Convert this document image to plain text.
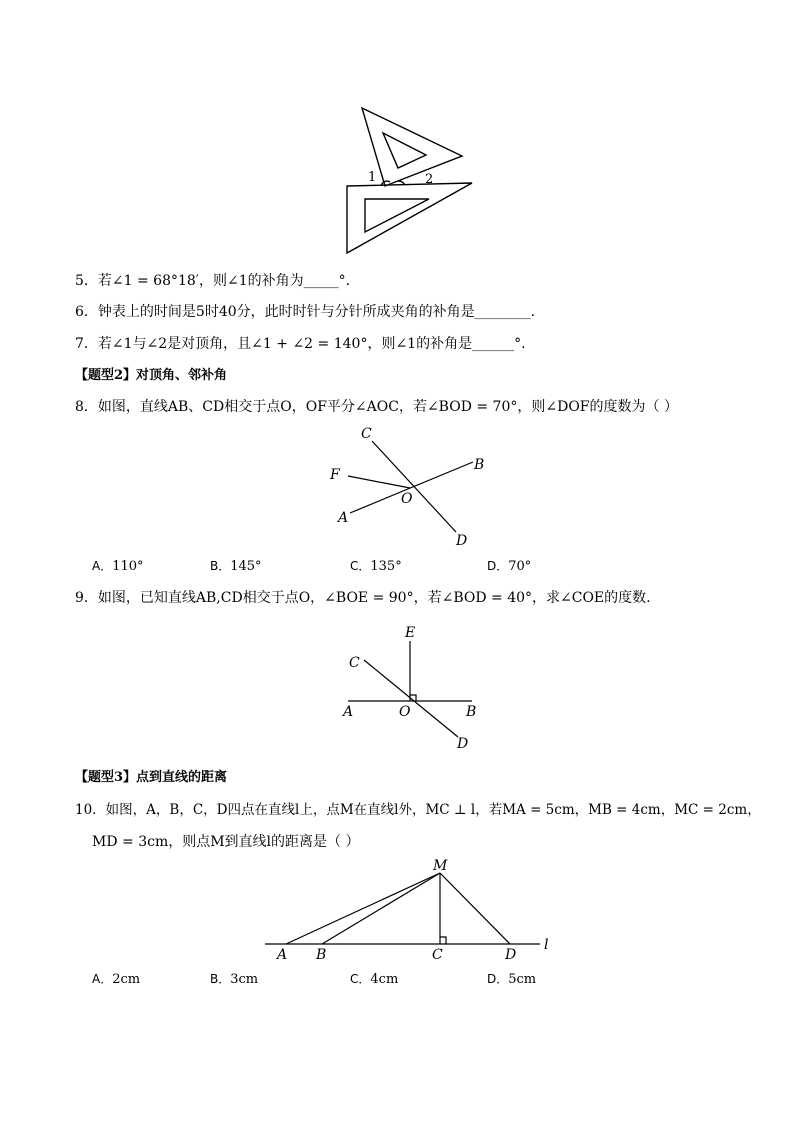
1	2
5．若∠1 = 68°18′，则∠1的补角为_____°.
6．钟表上的时间是5时40分，此时时针与分针所成夹角的补角是________.
7．若∠1与∠2是对顶角，且∠1 + ∠2 = 140°，则∠1的补角是______°.
【题型2】对顶角、邻补角
8．如图，直线AB、CD相交于点O，OF平分∠AOC，若∠BOD = 70°，则∠DOF的度数为（ ）
C
F
B
O
A
D
A．110°	B．145°	C．135°	D．70°
9．如图，已知直线AB,CD相交于点O，∠BOE = 90°，若∠BOD = 40°，求∠COE的度数.
E
C
A	O	B
D
【题型3】点到直线的距离
10．如图，A，B，C，D四点在直线l上，点M在直线l外，MC ⊥ l，若MA = 5cm，MB = 4cm，MC = 2cm，
MD = 3cm，则点M到直线l的距离是（ ）
M
A B	C	D
l
A．2cm	B．3cm	C．4cm	D．5cm
